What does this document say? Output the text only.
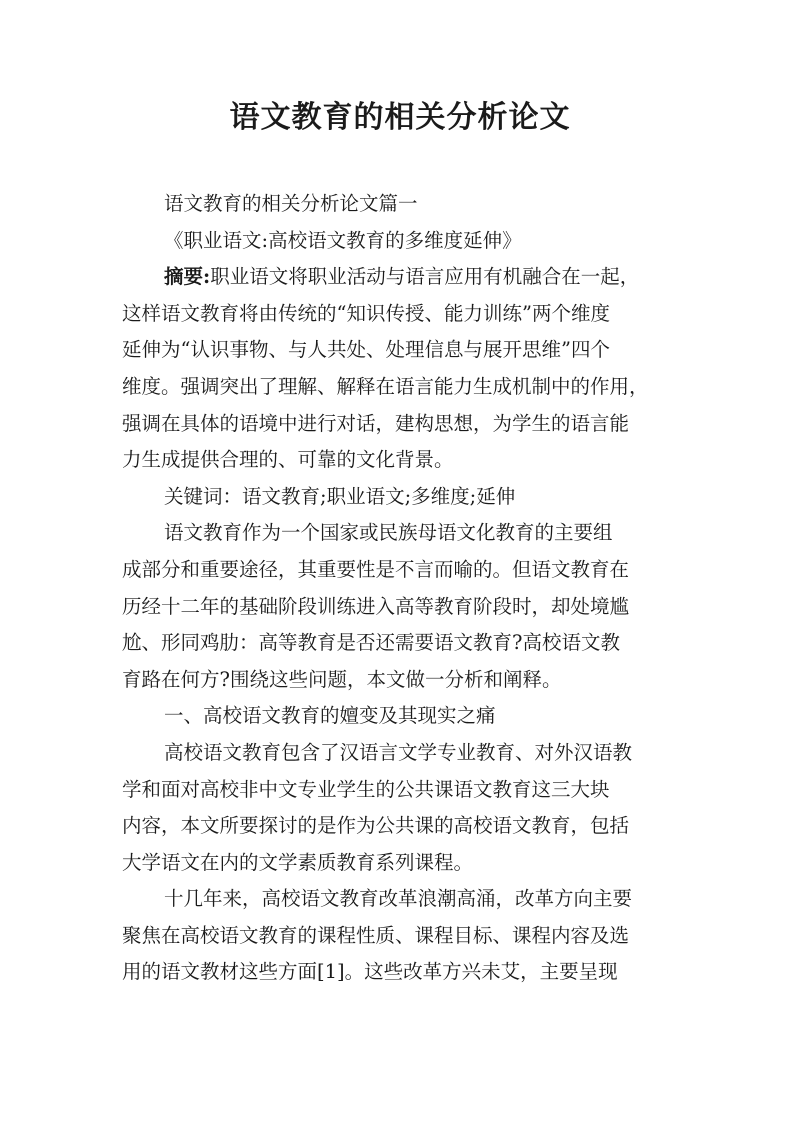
语文教育的相关分析论文
语文教育的相关分析论文篇一
《职业语文:高校语文教育的多维度延伸》
摘要:职业语文将职业活动与语言应用有机融合在一起，
这样语文教育将由传统的“知识传授、能力训练”两个维度
延伸为“认识事物、与人共处、处理信息与展开思维”四个
维度。强调突出了理解、解释在语言能力生成机制中的作用，
强调在具体的语境中进行对话，建构思想，为学生的语言能
力生成提供合理的、可靠的文化背景。
关键词：语文教育;职业语文;多维度;延伸
语文教育作为一个国家或民族母语文化教育的主要组
成部分和重要途径，其重要性是不言而喻的。但语文教育在
历经十二年的基础阶段训练进入高等教育阶段时，却处境尴
尬、形同鸡肋：高等教育是否还需要语文教育?高校语文教
育路在何方?围绕这些问题，本文做一分析和阐释。
一、高校语文教育的嬗变及其现实之痛
高校语文教育包含了汉语言文学专业教育、对外汉语教
学和面对高校非中文专业学生的公共课语文教育这三大块
内容，本文所要探讨的是作为公共课的高校语文教育，包括
大学语文在内的文学素质教育系列课程。
十几年来，高校语文教育改革浪潮高涌，改革方向主要
聚焦在高校语文教育的课程性质、课程目标、课程内容及选
用的语文教材这些方面[1]。这些改革方兴未艾，主要呈现
